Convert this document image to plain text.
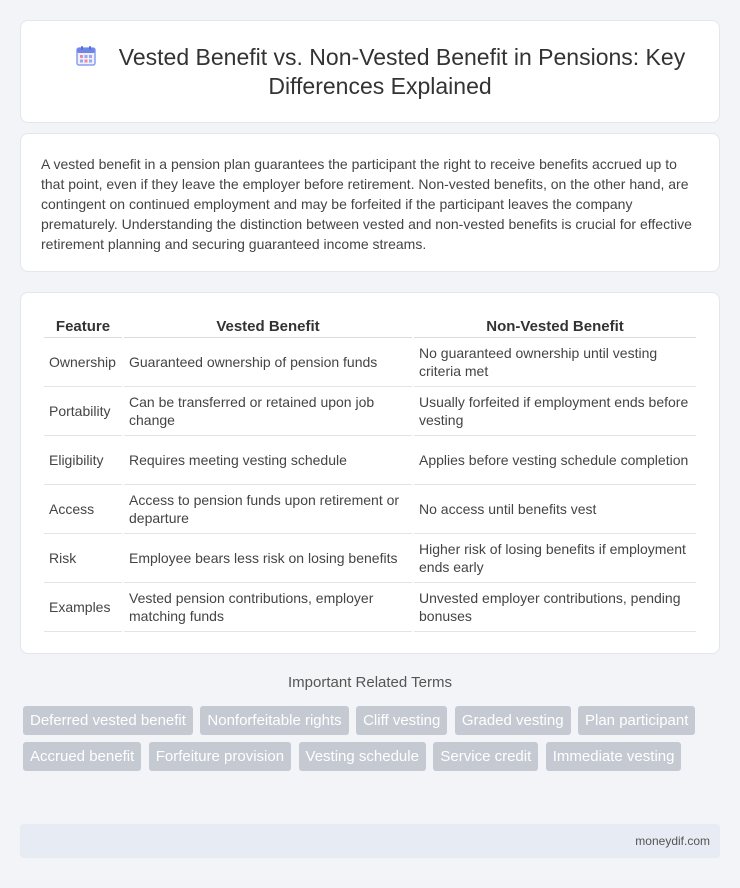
Vested Benefit vs. Non-Vested Benefit in Pensions: Key Differences Explained

A vested benefit in a pension plan guarantees the participant the right to receive benefits accrued up to that point, even if they leave the employer before retirement. Non-vested benefits, on the other hand, are contingent on continued employment and may be forfeited if the participant leaves the company prematurely. Understanding the distinction between vested and non-vested benefits is crucial for effective retirement planning and securing guaranteed income streams.

Feature	Vested Benefit	Non-Vested Benefit
Ownership	Guaranteed ownership of pension funds	No guaranteed ownership until vesting criteria met
Portability	Can be transferred or retained upon job change	Usually forfeited if employment ends before vesting
Eligibility	Requires meeting vesting schedule	Applies before vesting schedule completion
Access	Access to pension funds upon retirement or departure	No access until benefits vest
Risk	Employee bears less risk on losing benefits	Higher risk of losing benefits if employment ends early
Examples	Vested pension contributions, employer matching funds	Unvested employer contributions, pending bonuses
Important Related Terms
Deferred vested benefit Nonforfeitable rights Cliff vesting Graded vesting Plan participant Accrued benefit Forfeiture provision Vesting schedule Service credit Immediate vesting
moneydif.com
